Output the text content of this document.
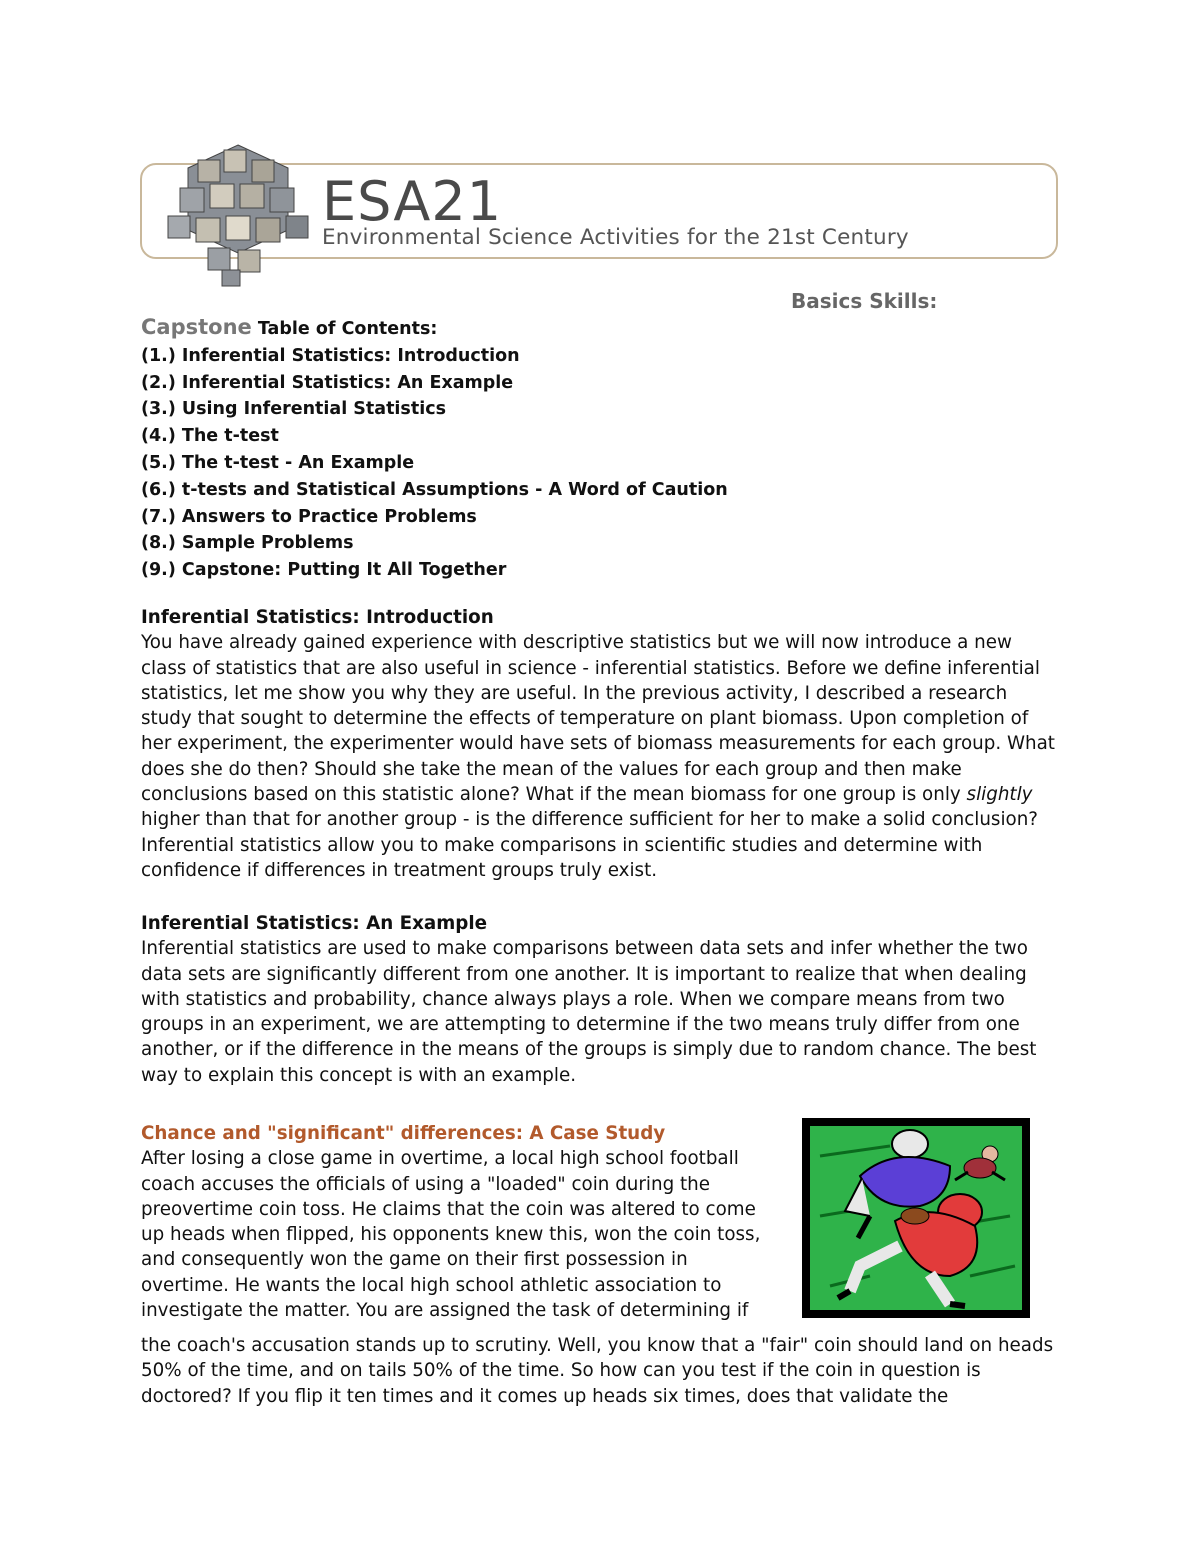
ESA21
Environmental Science Activities for the 21st Century
Basics Skills:
Capstone Table of Contents:
(1.) Inferential Statistics: Introduction
(2.) Inferential Statistics: An Example
(3.) Using Inferential Statistics
(4.) The t-test
(5.) The t-test - An Example
(6.) t-tests and Statistical Assumptions - A Word of Caution
(7.) Answers to Practice Problems
(8.) Sample Problems
(9.) Capstone: Putting It All Together
Inferential Statistics: Introduction

You have already gained experience with descriptive statistics but we will now introduce a new class of statistics that are also useful in science - inferential statistics. Before we define inferential statistics, let me show you why they are useful. In the previous activity, I described a research study that sought to determine the effects of temperature on plant biomass. Upon completion of her experiment, the experimenter would have sets of biomass measurements for each group. What does she do then? Should she take the mean of the values for each group and then make conclusions based on this statistic alone? What if the mean biomass for one group is only slightly higher than that for another group - is the difference sufficient for her to make a solid conclusion? Inferential statistics allow you to make comparisons in scientific studies and determine with confidence if differences in treatment groups truly exist.

Inferential Statistics: An Example

Inferential statistics are used to make comparisons between data sets and infer whether the two data sets are significantly different from one another. It is important to realize that when dealing with statistics and probability, chance always plays a role. When we compare means from two groups in an experiment, we are attempting to determine if the two means truly differ from one another, or if the difference in the means of the groups is simply due to random chance. The best way to explain this concept is with an example.

Chance and "significant" differences: A Case Study

After losing a close game in overtime, a local high school football coach accuses the officials of using a "loaded" coin during the preovertime coin toss. He claims that the coin was altered to come up heads when flipped, his opponents knew this, won the coin toss, and consequently won the game on their first possession in overtime. He wants the local high school athletic association to investigate the matter. You are assigned the task of determining if

the coach's accusation stands up to scrutiny. Well, you know that a "fair" coin should land on heads 50% of the time, and on tails 50% of the time. So how can you test if the coin in question is doctored? If you flip it ten times and it comes up heads six times, does that validate the
